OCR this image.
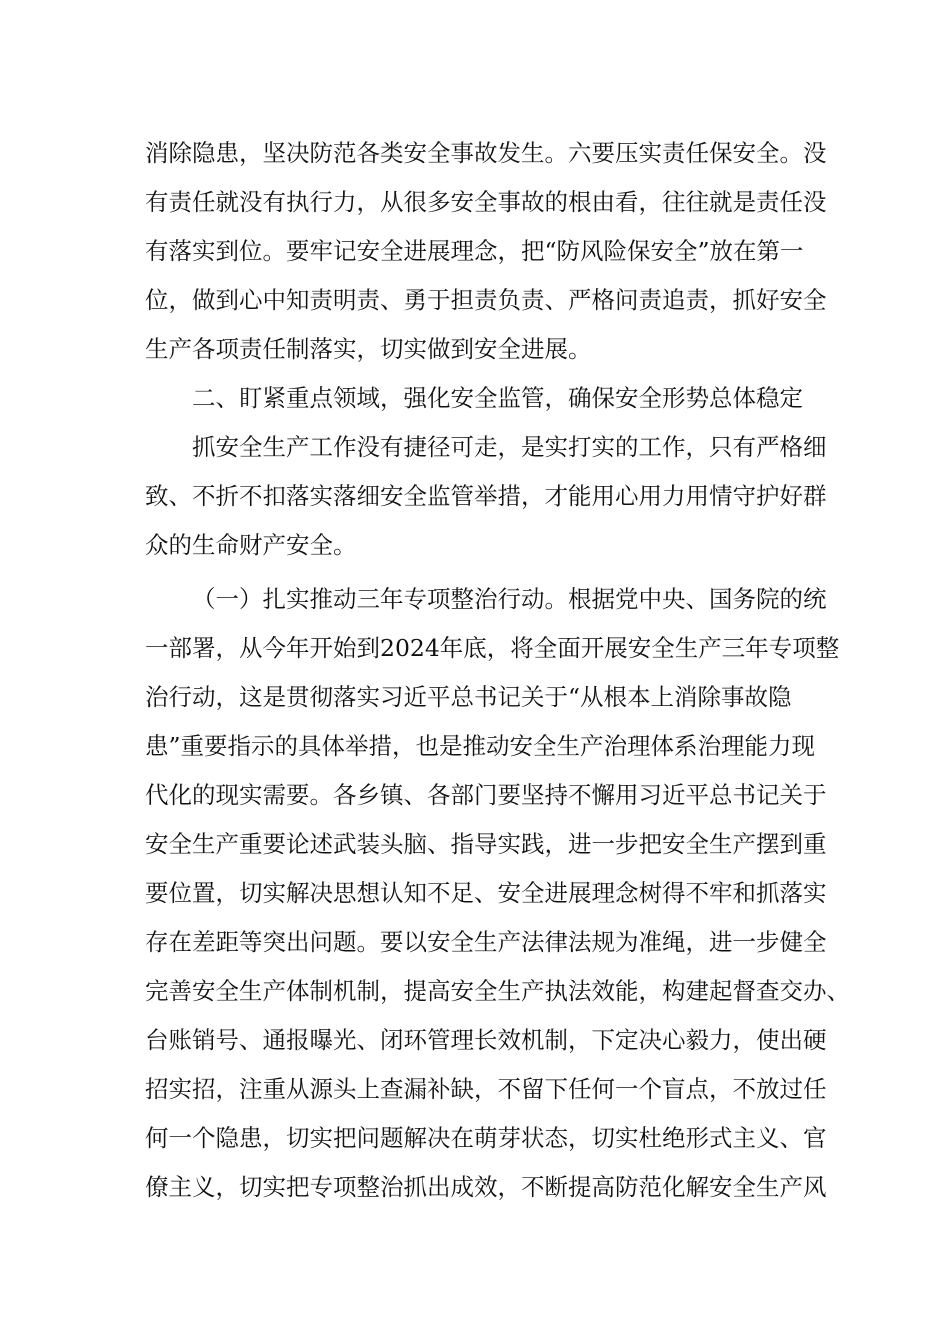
消除隐患，坚决防范各类安全事故发生。六要压实责任保安全。没
有责任就没有执行力，从很多安全事故的根由看，往往就是责任没
有落实到位。要牢记安全进展理念，把“防风险保安全”放在第一
位，做到心中知责明责、勇于担责负责、严格问责追责，抓好安全
生产各项责任制落实，切实做到安全进展。
二、盯紧重点领域，强化安全监管，确保安全形势总体稳定
抓安全生产工作没有捷径可走，是实打实的工作，只有严格细
致、不折不扣落实落细安全监管举措，才能用心用力用情守护好群
众的生命财产安全。
（一）扎实推动三年专项整治行动。根据党中央、国务院的统
一部署，从今年开始到2024年底，将全面开展安全生产三年专项整
治行动，这是贯彻落实习近平总书记关于“从根本上消除事故隐
患”重要指示的具体举措，也是推动安全生产治理体系治理能力现
代化的现实需要。各乡镇、各部门要坚持不懈用习近平总书记关于
安全生产重要论述武装头脑、指导实践，进一步把安全生产摆到重
要位置，切实解决思想认知不足、安全进展理念树得不牢和抓落实
存在差距等突出问题。要以安全生产法律法规为准绳，进一步健全
完善安全生产体制机制，提高安全生产执法效能，构建起督查交办、
台账销号、通报曝光、闭环管理长效机制，下定决心毅力，使出硬
招实招，注重从源头上查漏补缺，不留下任何一个盲点，不放过任
何一个隐患，切实把问题解决在萌芽状态，切实杜绝形式主义、官
僚主义，切实把专项整治抓出成效，不断提高防范化解安全生产风
